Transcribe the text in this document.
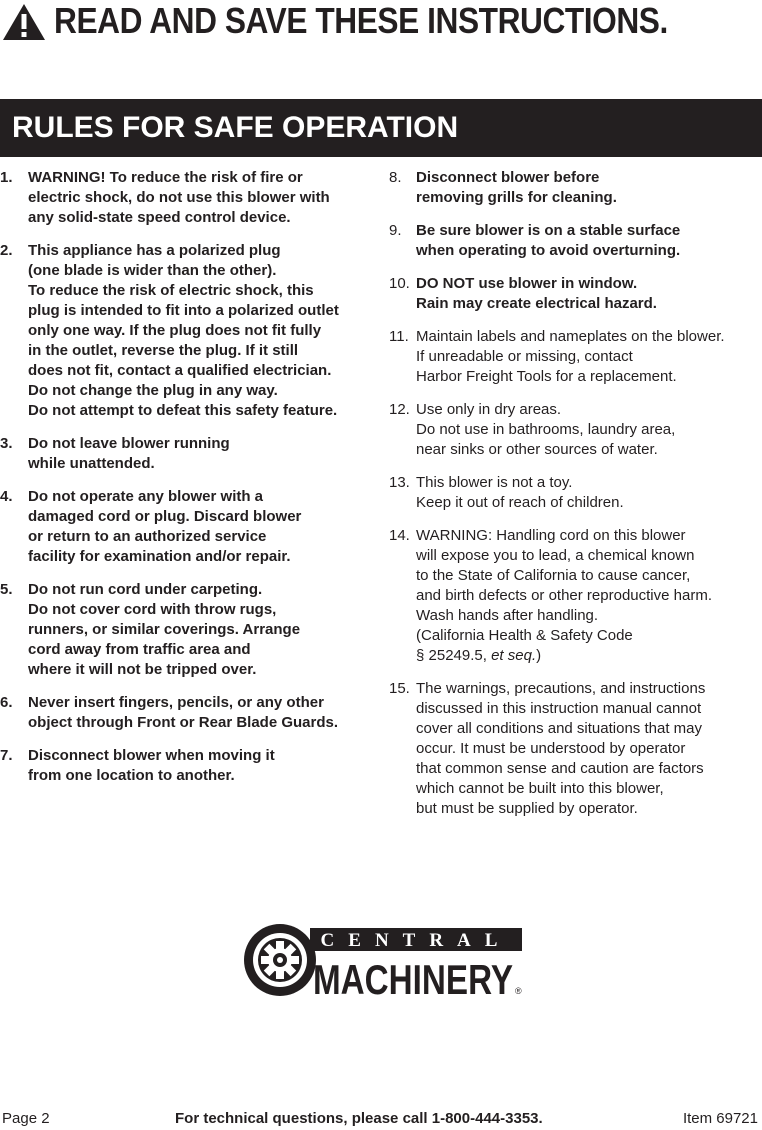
READ AND SAVE THESE INSTRUCTIONS.
RULES FOR SAFE OPERATION
1. WARNING! To reduce the risk of fire or
electric shock, do not use this blower with
any solid-state speed control device.
2. This appliance has a polarized plug
(one blade is wider than the other).
To reduce the risk of electric shock, this
plug is intended to fit into a polarized outlet
only one way. If the plug does not fit fully
in the outlet, reverse the plug. If it still
does not fit, contact a qualified electrician.
Do not change the plug in any way.
Do not attempt to defeat this safety feature.
3. Do not leave blower running
while unattended.
4. Do not operate any blower with a
damaged cord or plug. Discard blower
or return to an authorized service
facility for examination and/or repair.
5. Do not run cord under carpeting.
Do not cover cord with throw rugs,
runners, or similar coverings. Arrange
cord away from traffic area and
where it will not be tripped over.
6. Never insert fingers, pencils, or any other
object through Front or Rear Blade Guards.
7. Disconnect blower when moving it
from one location to another.
8. Disconnect blower before
removing grills for cleaning.
9. Be sure blower is on a stable surface
when operating to avoid overturning.
10. DO NOT use blower in window.
Rain may create electrical hazard.
11. Maintain labels and nameplates on the blower.
If unreadable or missing, contact
Harbor Freight Tools for a replacement.
12. Use only in dry areas.
Do not use in bathrooms, laundry area,
near sinks or other sources of water.
13. This blower is not a toy.
Keep it out of reach of children.
14. WARNING: Handling cord on this blower
will expose you to lead, a chemical known
to the State of California to cause cancer,
and birth defects or other reproductive harm.
Wash hands after handling.
(California Health & Safety Code
§ 25249.5, et seq.)
15. The warnings, precautions, and instructions
discussed in this instruction manual cannot
cover all conditions and situations that may
occur. It must be understood by operator
that common sense and caution are factors
which cannot be built into this blower,
but must be supplied by operator.
CENTRAL
MACHINERY ®
Page 2	For technical questions, please call 1-800-444-3353.	Item 69721
